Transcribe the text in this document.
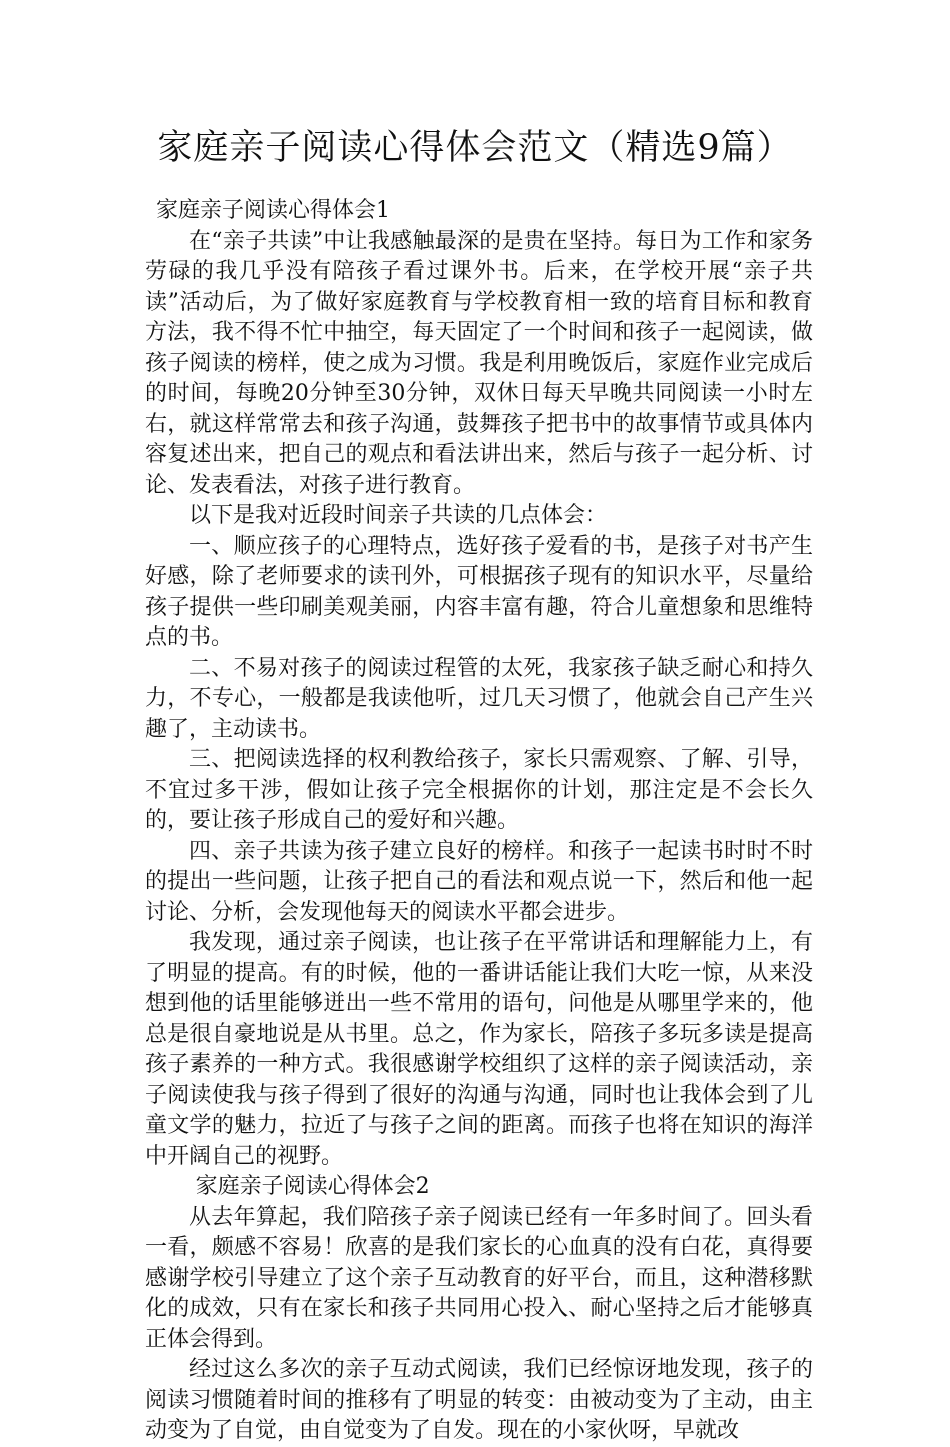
家庭亲子阅读心得体会范文（精选9篇）

家庭亲子阅读心得体会1

在“亲子共读”中让我感触最深的是贵在坚持。每日为工作和家务劳碌的我几乎没有陪孩子看过课外书。后来，在学校开展“亲子共读”活动后，为了做好家庭教育与学校教育相一致的培育目标和教育方法，我不得不忙中抽空，每天固定了一个时间和孩子一起阅读，做孩子阅读的榜样，使之成为习惯。我是利用晚饭后，家庭作业完成后的时间，每晚20分钟至30分钟，双休日每天早晚共同阅读一小时左右，就这样常常去和孩子沟通，鼓舞孩子把书中的故事情节或具体内容复述出来，把自己的观点和看法讲出来，然后与孩子一起分析、讨论、发表看法，对孩子进行教育。

以下是我对近段时间亲子共读的几点体会：

一、顺应孩子的心理特点，选好孩子爱看的书，是孩子对书产生好感，除了老师要求的读刊外，可根据孩子现有的知识水平，尽量给孩子提供一些印刷美观美丽，内容丰富有趣，符合儿童想象和思维特点的书。

二、不易对孩子的阅读过程管的太死，我家孩子缺乏耐心和持久力，不专心，一般都是我读他听，过几天习惯了，他就会自己产生兴趣了，主动读书。

三、把阅读选择的权利教给孩子，家长只需观察、了解、引导，不宜过多干涉，假如让孩子完全根据你的计划，那注定是不会长久的，要让孩子形成自己的爱好和兴趣。

四、亲子共读为孩子建立良好的榜样。和孩子一起读书时时不时的提出一些问题，让孩子把自己的看法和观点说一下，然后和他一起讨论、分析，会发现他每天的阅读水平都会进步。

我发现，通过亲子阅读，也让孩子在平常讲话和理解能力上，有了明显的提高。有的时候，他的一番讲话能让我们大吃一惊，从来没想到他的话里能够迸出一些不常用的语句，问他是从哪里学来的，他总是很自豪地说是从书里。总之，作为家长，陪孩子多玩多读是提高孩子素养的一种方式。我很感谢学校组织了这样的亲子阅读活动，亲子阅读使我与孩子得到了很好的沟通与沟通，同时也让我体会到了儿童文学的魅力，拉近了与孩子之间的距离。而孩子也将在知识的海洋中开阔自己的视野。

家庭亲子阅读心得体会2

从去年算起，我们陪孩子亲子阅读已经有一年多时间了。回头看一看，颇感不容易！欣喜的是我们家长的心血真的没有白花，真得要感谢学校引导建立了这个亲子互动教育的好平台，而且，这种潜移默化的成效，只有在家长和孩子共同用心投入、耐心坚持之后才能够真正体会得到。

经过这么多次的亲子互动式阅读，我们已经惊讶地发现，孩子的阅读习惯随着时间的推移有了明显的转变：由被动变为了主动，由主动变为了自觉，由自觉变为了自发。现在的小家伙呀，早就改
